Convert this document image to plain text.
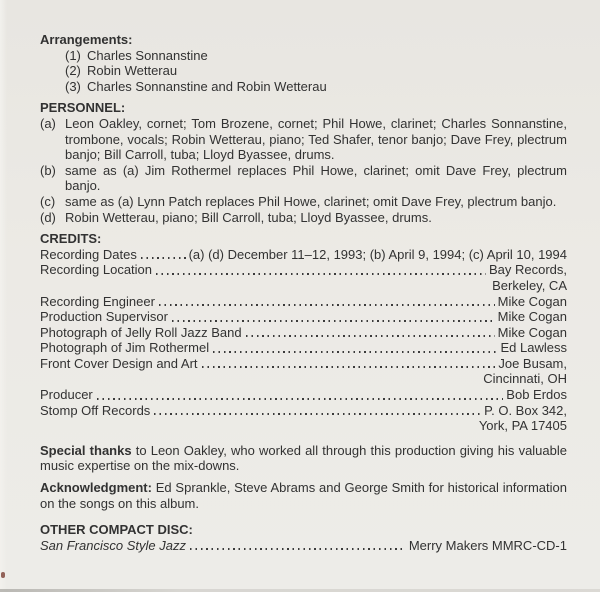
Arrangements:
(1) Charles Sonnanstine
(2) Robin Wetterau
(3) Charles Sonnanstine and Robin Wetterau
PERSONNEL:
(a) Leon Oakley, cornet; Tom Brozene, cornet; Phil Howe, clarinet; Charles Sonnanstine, trombone, vocals; Robin Wetterau, piano; Ted Shafer, tenor banjo; Dave Frey, plectrum banjo; Bill Carroll, tuba; Lloyd Byassee, drums.
(b) same as (a) Jim Rothermel replaces Phil Howe, clarinet; omit Dave Frey, plectrum banjo.
(c) same as (a) Lynn Patch replaces Phil Howe, clarinet; omit Dave Frey, plectrum banjo.
(d) Robin Wetterau, piano; Bill Carroll, tuba; Lloyd Byassee, drums.
CREDITS:
Recording Dates	(a) (d) December 11–12, 1993; (b) April 9, 1994; (c) April 10, 1994
Recording Location	Bay Records,
Berkeley, CA
Recording Engineer	Mike Cogan
Production Supervisor	Mike Cogan
Photograph of Jelly Roll Jazz Band	Mike Cogan
Photograph of Jim Rothermel	Ed Lawless
Front Cover Design and Art	Joe Busam,
Cincinnati, OH
Producer	Bob Erdos
Stomp Off Records	P. O. Box 342,
York, PA 17405
Special thanks to Leon Oakley, who worked all through this production giving his valuable music expertise on the mix-downs.
Acknowledgment: Ed Sprankle, Steve Abrams and George Smith for historical information on the songs on this album.
OTHER COMPACT DISC:
San Francisco Style Jazz	Merry Makers MMRC-CD-1
